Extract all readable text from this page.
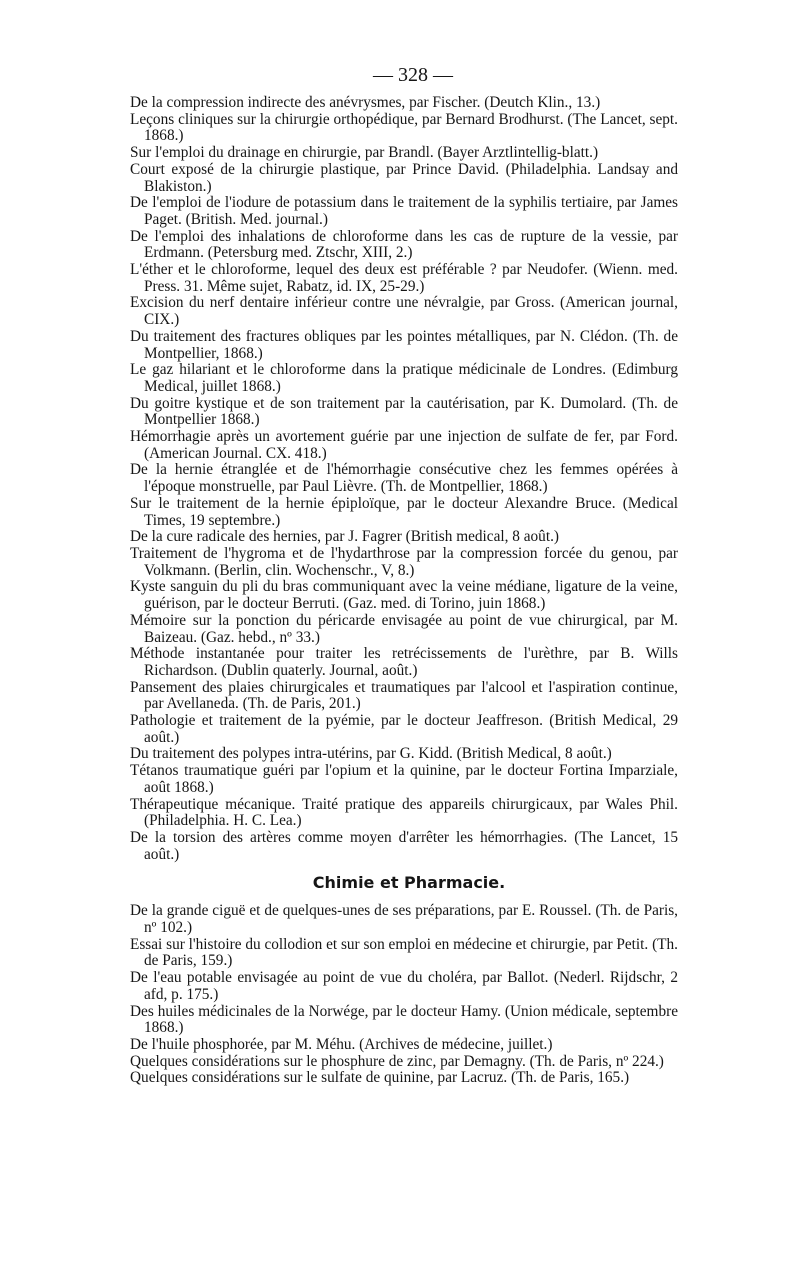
— 328 —
De la compression indirecte des anévrysmes, par Fischer. (Deutch Klin., 13.)
Leçons cliniques sur la chirurgie orthopédique, par Bernard Brodhurst. (The Lancet, sept. 1868.)
Sur l'emploi du drainage en chirurgie, par Brandl. (Bayer Arztlintellig-blatt.)
Court exposé de la chirurgie plastique, par Prince David. (Philadelphia. Landsay and Blakiston.)
De l'emploi de l'iodure de potassium dans le traitement de la syphilis tertiaire, par James Paget. (British. Med. journal.)
De l'emploi des inhalations de chloroforme dans les cas de rupture de la vessie, par Erdmann. (Petersburg med. Ztschr, XIII, 2.)
L'éther et le chloroforme, lequel des deux est préférable ? par Neudofer. (Wienn. med. Press. 31. Même sujet, Rabatz, id. IX, 25-29.)
Excision du nerf dentaire inférieur contre une névralgie, par Gross. (American journal, CIX.)
Du traitement des fractures obliques par les pointes métalliques, par N. Clédon. (Th. de Montpellier, 1868.)
Le gaz hilariant et le chloroforme dans la pratique médicinale de Londres. (Edimburg Medical, juillet 1868.)
Du goitre kystique et de son traitement par la cautérisation, par K. Dumolard. (Th. de Montpellier 1868.)
Hémorrhagie après un avortement guérie par une injection de sulfate de fer, par Ford. (American Journal. CX. 418.)
De la hernie étranglée et de l'hémorrhagie consécutive chez les femmes opérées à l'époque monstruelle, par Paul Lièvre. (Th. de Montpellier, 1868.)
Sur le traitement de la hernie épiploïque, par le docteur Alexandre Bruce. (Medical Times, 19 septembre.)
De la cure radicale des hernies, par J. Fagrer (British medical, 8 août.)
Traitement de l'hygroma et de l'hydarthrose par la compression forcée du genou, par Volkmann. (Berlin, clin. Wochenschr., V, 8.)
Kyste sanguin du pli du bras communiquant avec la veine médiane, ligature de la veine, guérison, par le docteur Berruti. (Gaz. med. di Torino, juin 1868.)
Mémoire sur la ponction du péricarde envisagée au point de vue chirurgical, par M. Baizeau. (Gaz. hebd., nº 33.)
Méthode instantanée pour traiter les retrécissements de l'urèthre, par B. Wills Richardson. (Dublin quaterly. Journal, août.)
Pansement des plaies chirurgicales et traumatiques par l'alcool et l'aspiration continue, par Avellaneda. (Th. de Paris, 201.)
Pathologie et traitement de la pyémie, par le docteur Jeaffreson. (British Medical, 29 août.)
Du traitement des polypes intra-utérins, par G. Kidd. (British Medical, 8 août.)
Tétanos traumatique guéri par l'opium et la quinine, par le docteur Fortina Imparziale, août 1868.)
Thérapeutique mécanique. Traité pratique des appareils chirurgicaux, par Wales Phil. (Philadelphia. H. C. Lea.)
De la torsion des artères comme moyen d'arrêter les hémorrhagies. (The Lancet, 15 août.)
Chimie et Pharmacie.
De la grande ciguë et de quelques-unes de ses préparations, par E. Roussel. (Th. de Paris, nº 102.)
Essai sur l'histoire du collodion et sur son emploi en médecine et chirurgie, par Petit. (Th. de Paris, 159.)
De l'eau potable envisagée au point de vue du choléra, par Ballot. (Nederl. Rijdschr, 2 afd, p. 175.)
Des huiles médicinales de la Norwége, par le docteur Hamy. (Union médicale, septembre 1868.)
De l'huile phosphorée, par M. Méhu. (Archives de médecine, juillet.)
Quelques considérations sur le phosphure de zinc, par Demagny. (Th. de Paris, nº 224.)
Quelques considérations sur le sulfate de quinine, par Lacruz. (Th. de Paris, 165.)
